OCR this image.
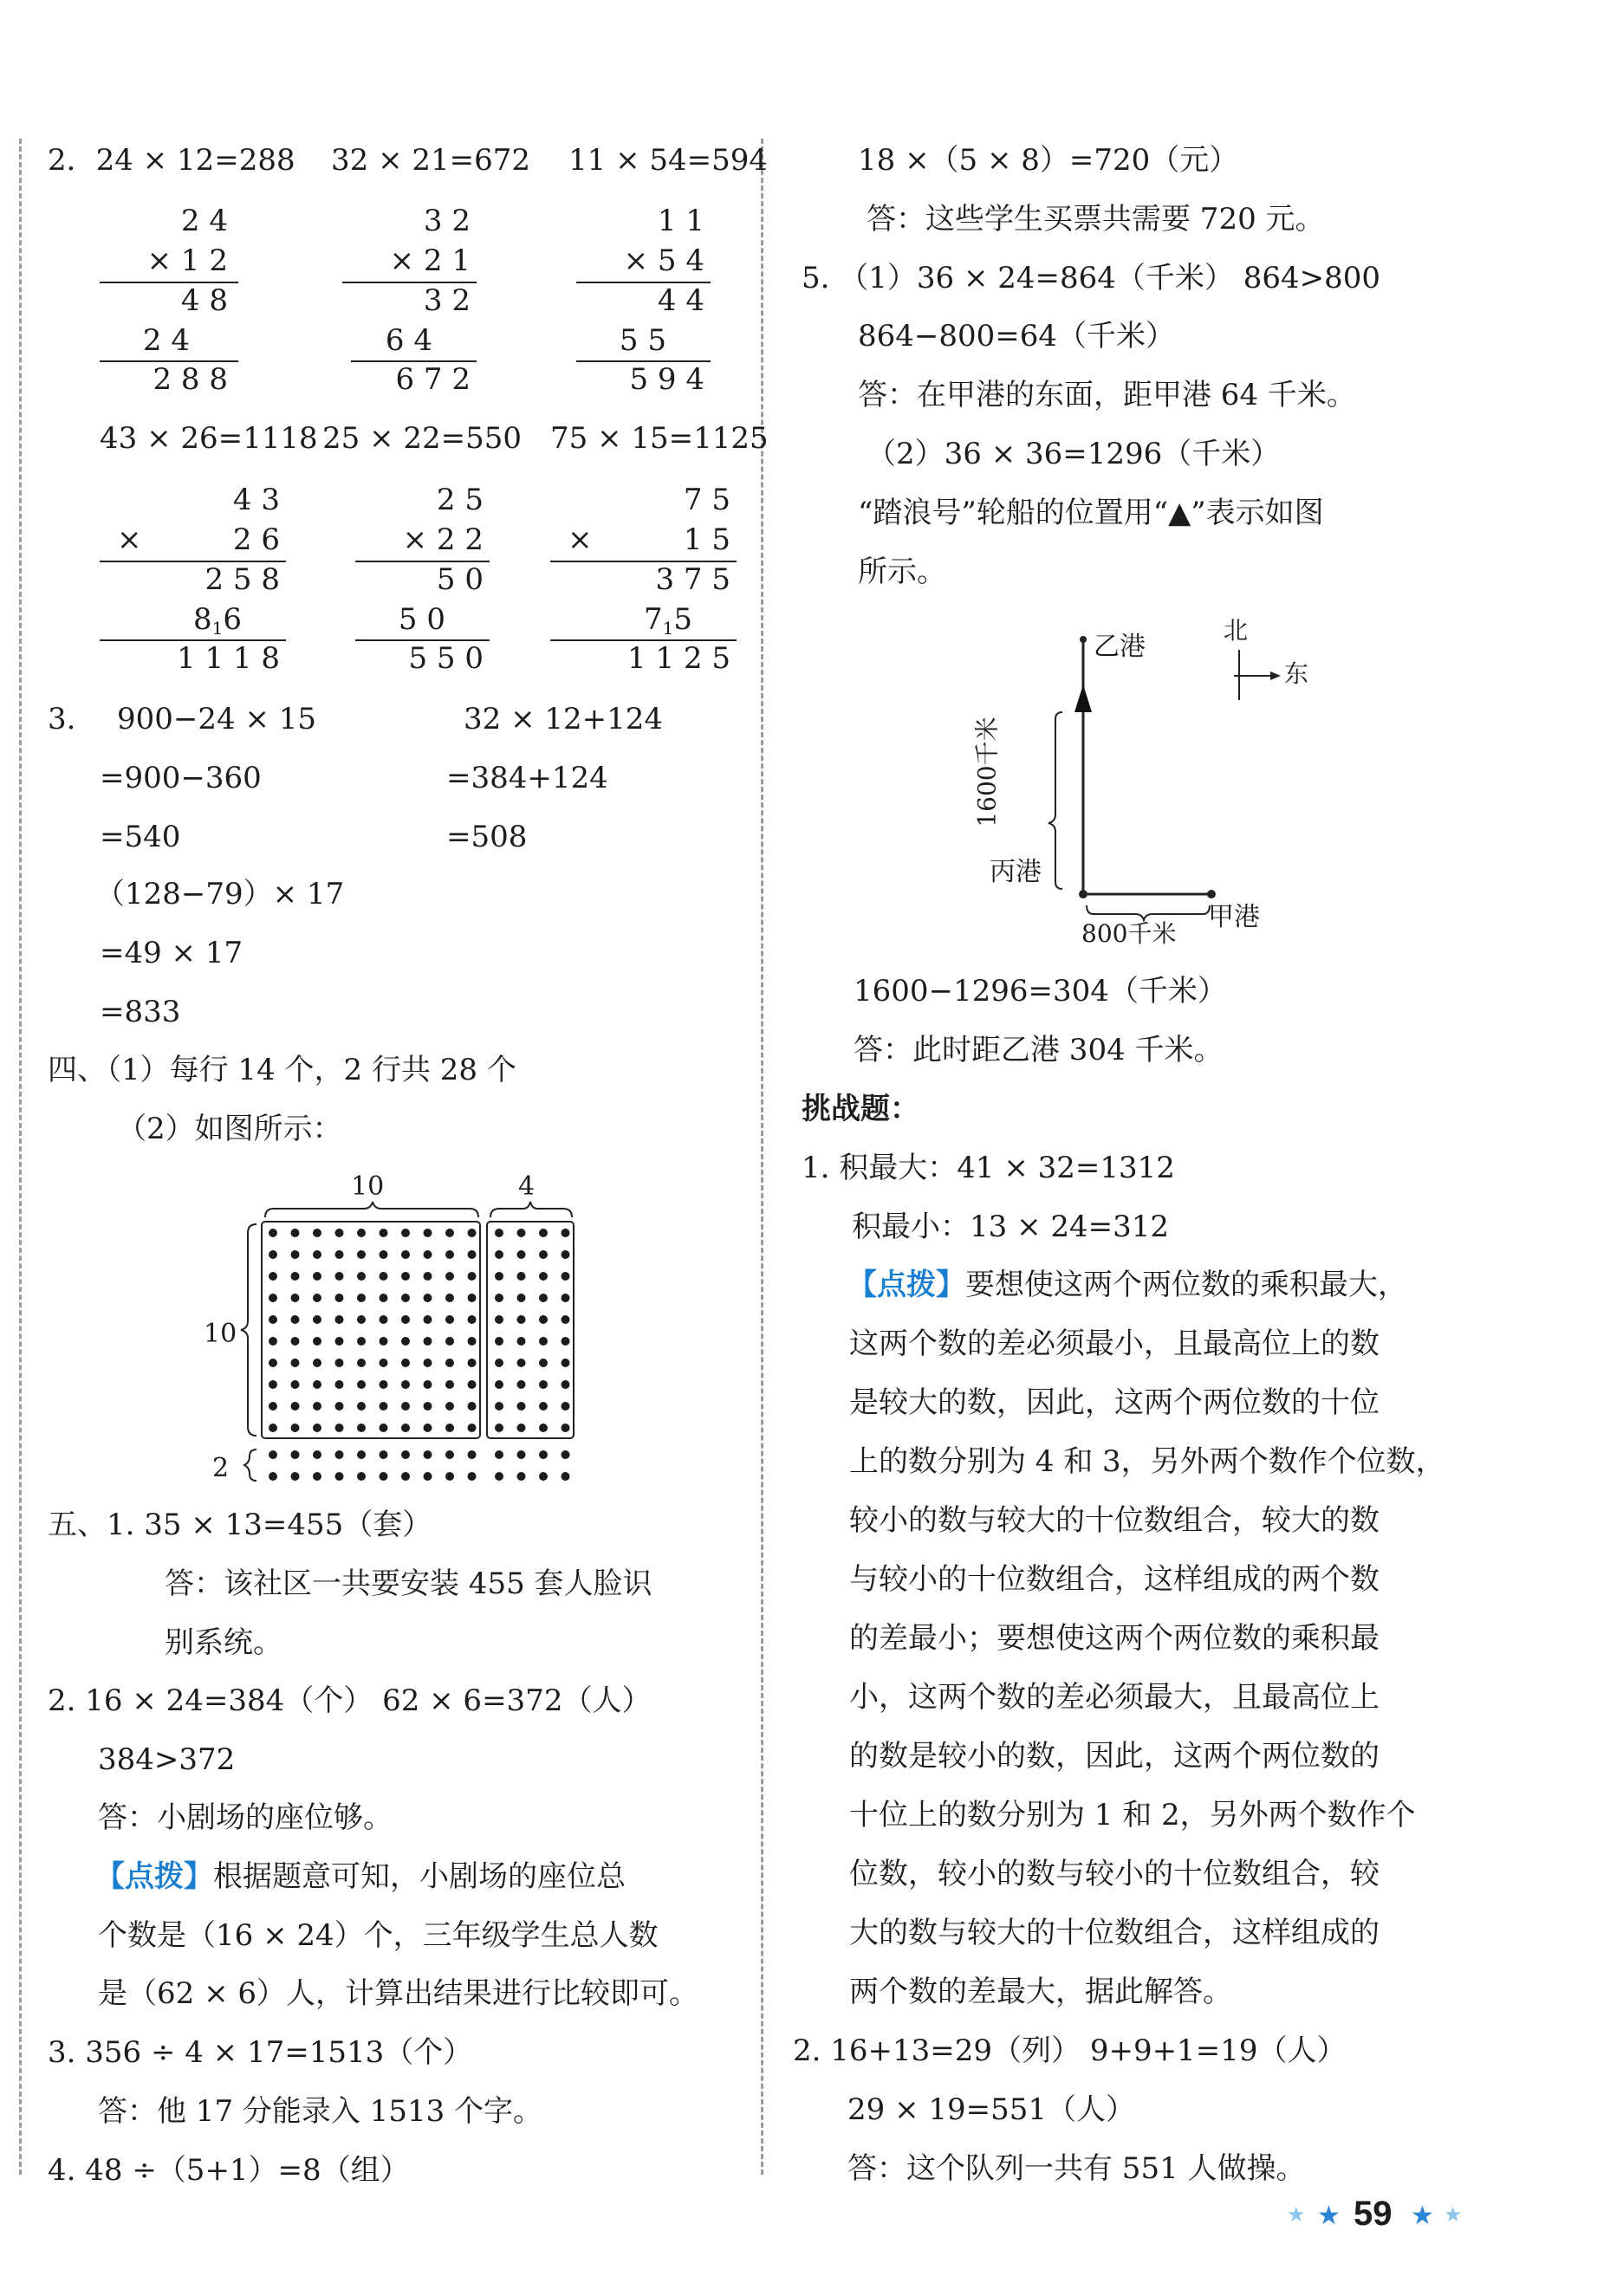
2．24 × 12=288 32 × 21=672 11 × 54=594
2 4
× 1 2
4 8
2 4
2 8 8
3 2
× 2 1
3 2
6 4
6 7 2
1 1
× 5 4
4 4
5 5
5 9 4
43 × 26=1118 25 × 22=550 75 × 15=1125
4 3
×	2 6
2 5 8
816
1 1 1 8
2 5
× 2 2
5 0
5 0
5 5 0
7 5
×	1 5
3 7 5
715
1 1 2 5
3. 900−24 × 15
=900−360
=540
32 × 12+124
=384+124
=508
（128−79）× 17
=49 × 17
=833
四、（1）每行 14 个，2 行共 28 个
（2）如图所示：
10	4
10
2
五、1. 35 × 13=455（套）
答：该社区一共要安装 455 套人脸识
别系统。
2. 16 × 24=384（个） 62 × 6=372（人）
384>372
答：小剧场的座位够。
【点拨】根据题意可知，小剧场的座位总
个数是（16 × 24）个，三年级学生总人数
是（62 × 6）人，计算出结果进行比较即可。
3. 356 ÷ 4 × 17=1513（个）
答：他 17 分能录入 1513 个字。
4. 48 ÷（5+1）=8（组）
18 ×（5 × 8）=720（元）
答：这些学生买票共需要 720 元。
5. （1）36 × 24=864（千米） 864>800
864−800=64（千米）
答：在甲港的东面，距甲港 64 千米。
（2）36 × 36=1296（千米）
“踏浪号”轮船的位置用“▲”表示如图
所示。
乙港
丙港
甲港
北
东
1600千米
800千米
1600−1296=304（千米）
答：此时距乙港 304 千米。
挑战题：
1. 积最大：41 × 32=1312
积最小：13 × 24=312
【点拨】要想使这两个两位数的乘积最大，
这两个数的差必须最小，且最高位上的数
是较大的数，因此，这两个两位数的十位
上的数分别为 4 和 3，另外两个数作个位数，
较小的数与较大的十位数组合，较大的数
与较小的十位数组合，这样组成的两个数
的差最小；要想使这两个两位数的乘积最
小，这两个数的差必须最大，且最高位上
的数是较小的数，因此，这两个两位数的
十位上的数分别为 1 和 2，另外两个数作个
位数，较小的数与较小的十位数组合，较
大的数与较大的十位数组合，这样组成的
两个数的差最大，据此解答。
2. 16+13=29（列） 9+9+1=19（人）
29 × 19=551（人）
答：这个队列一共有 551 人做操。
★ ★ 59 ★ ★
